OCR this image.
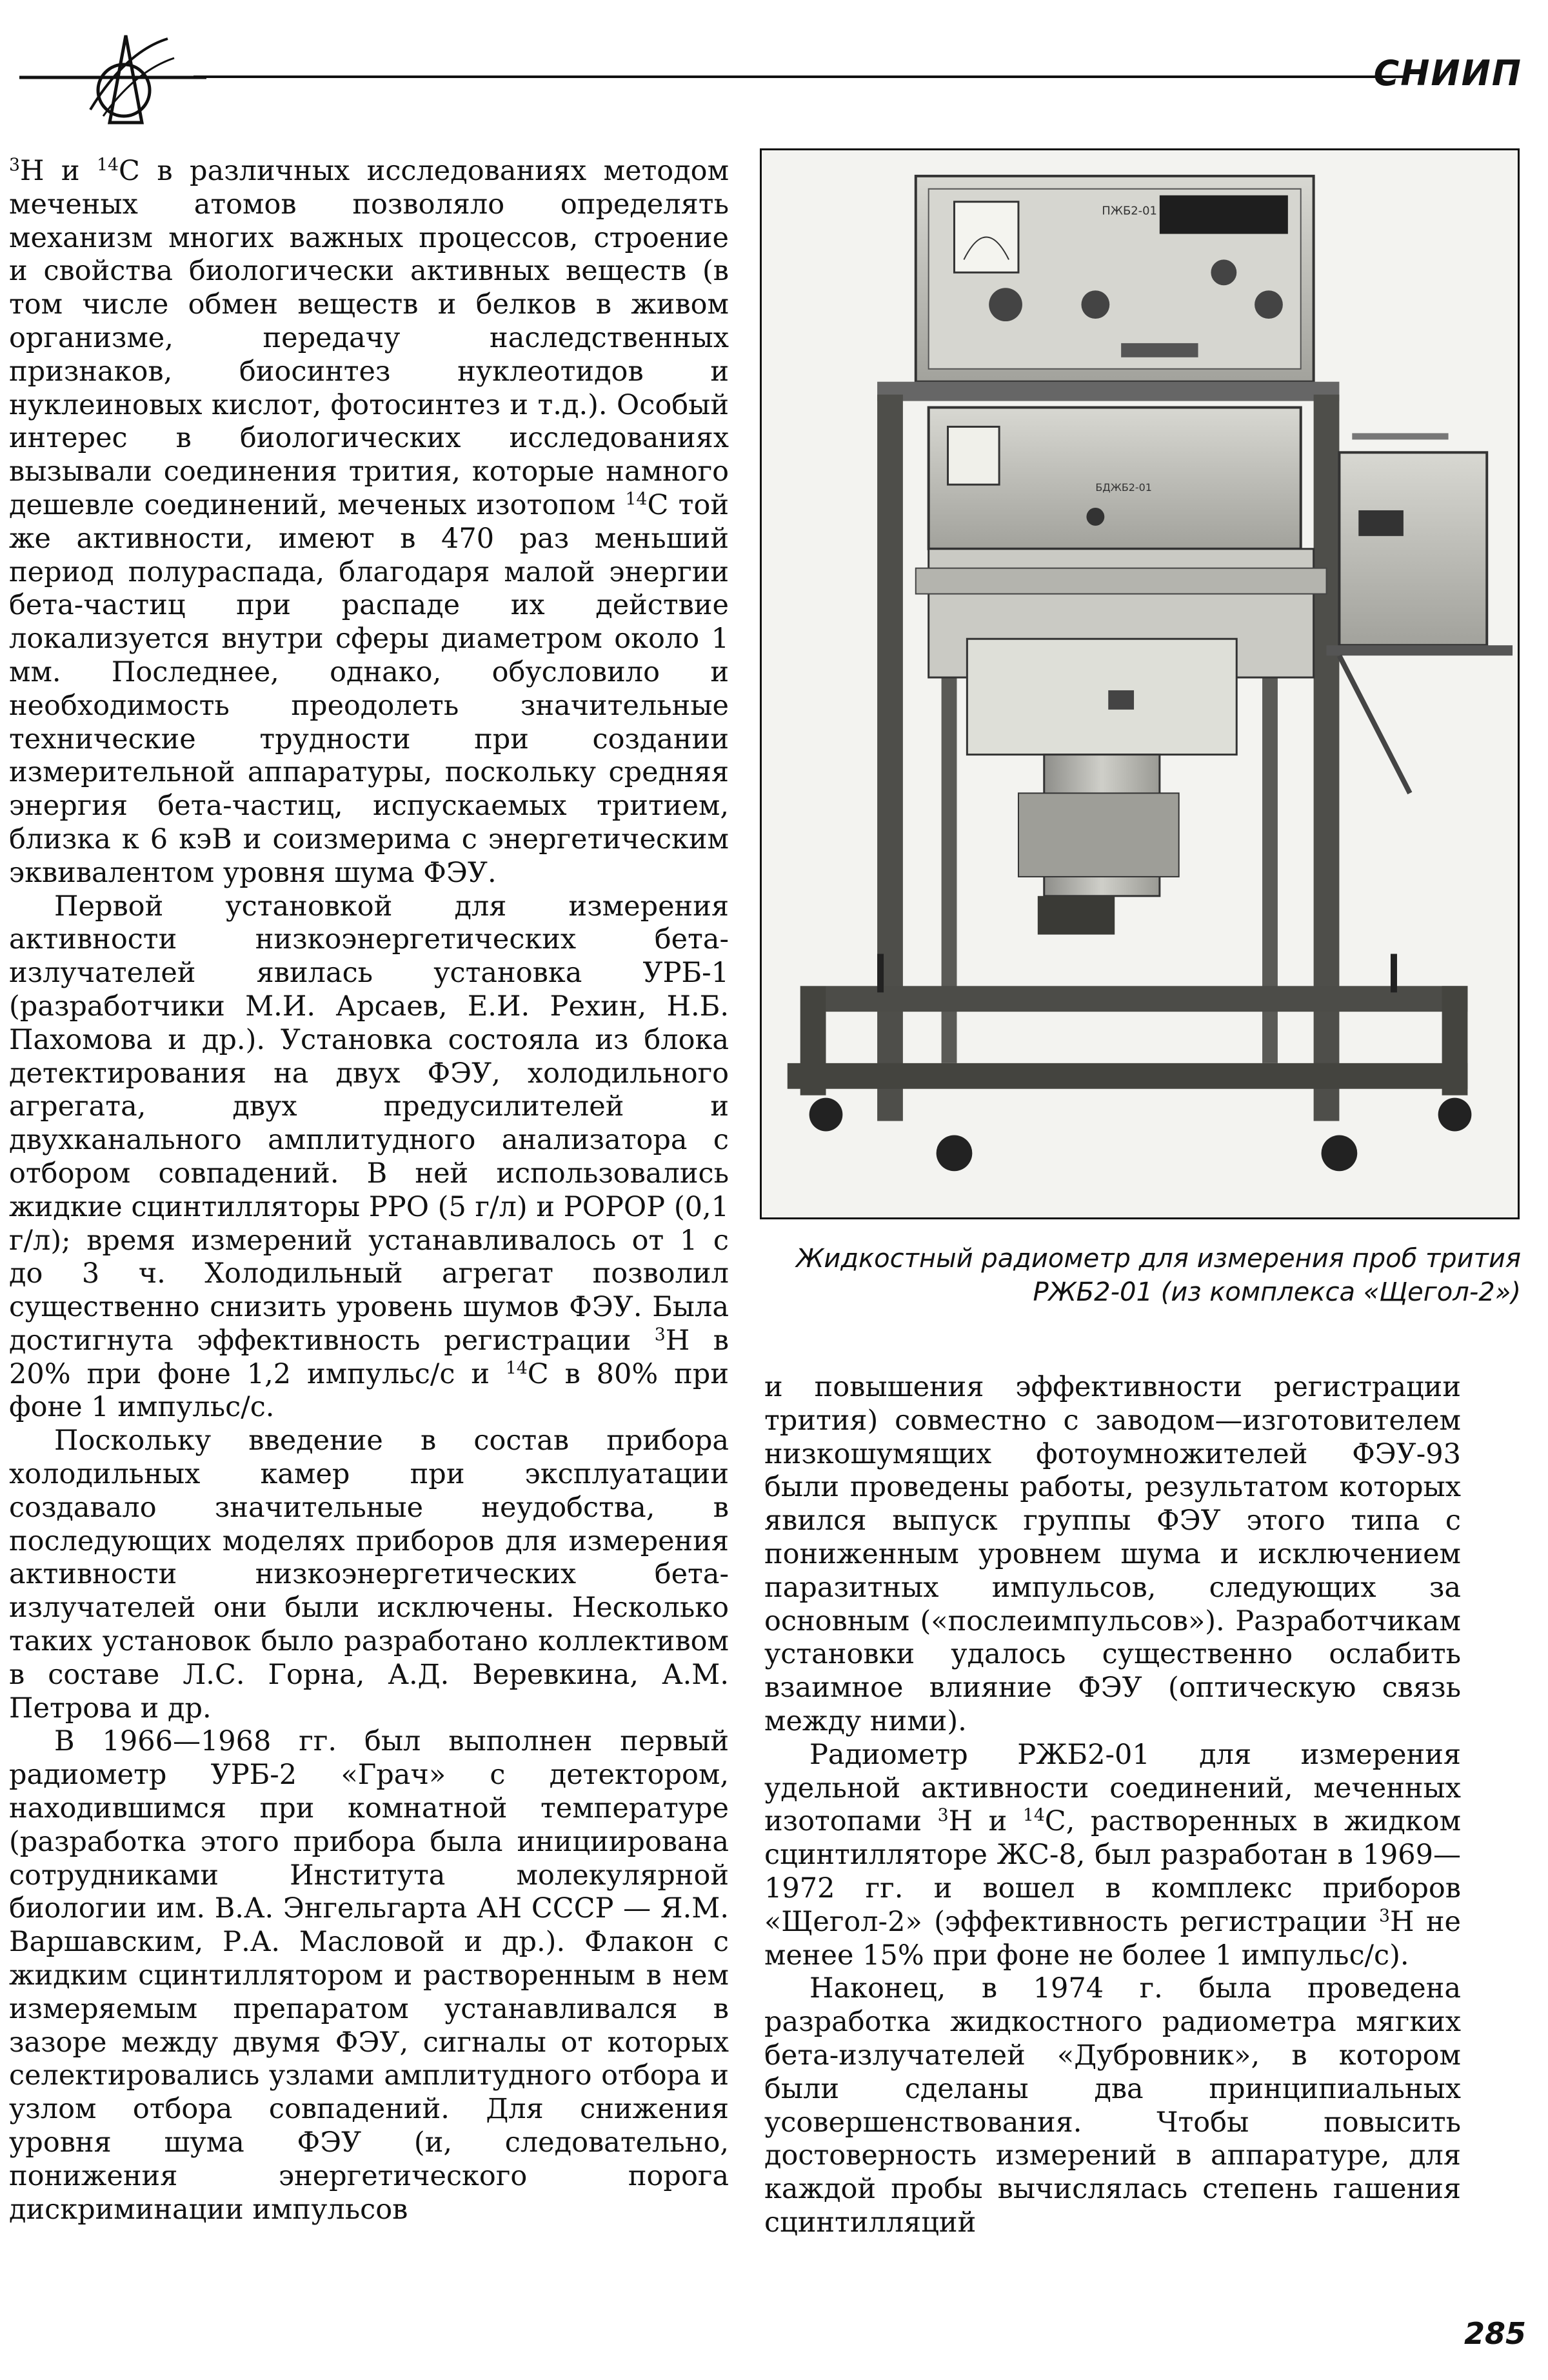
СНИИП

$^3$Н и $^{14}$С в различных исследованиях методом меченых атомов позволяло определять механизм многих важных процессов, строение и свойства биологически активных веществ (в том числе обмен веществ и белков в живом организме, передачу наследственных признаков, биосинтез нуклеотидов и нуклеиновых кислот, фотосинтез и т.д.). Особый интерес в биологических исследованиях вызывали соединения трития, которые намного дешевле соединений, меченых изотопом $^{14}$С той же активности, имеют в 470 раз меньший период полураспада, благодаря малой энергии бета-частиц при распаде их действие локализуется внутри сферы диаметром около 1 мм. Последнее, однако, обусловило и необходимость преодолеть значительные технические трудности при создании измерительной аппаратуры, поскольку средняя энергия бета-частиц, испускаемых тритием, близка к 6 кэВ и соизмерима с энергетическим эквивалентом уровня шума ФЭУ.

Первой установкой для измерения активности низкоэнергетических бета-излучателей явилась установка УРБ-1 (разработчики М.И. Арсаев, Е.И. Рехин, Н.Б. Пахомова и др.). Установка состояла из блока детектирования на двух ФЭУ, холодильного агрегата, двух предусилителей и двухканального амплитудного анализатора с отбором совпадений. В ней использовались жидкие сцинтилляторы РРО (5 г/л) и РОРОР (0,1 г/л); время измерений устанавливалось от 1 с до 3 ч. Холодильный агрегат позволил существенно снизить уровень шумов ФЭУ. Была достигнута эффективность регистрации $^3$Н в 20% при фоне 1,2 импульс/с и $^{14}$С в 80% при фоне 1 импульс/с.

Поскольку введение в состав прибора холодильных камер при эксплуатации создавало значительные неудобства, в последующих моделях приборов для измерения активности низкоэнергетических бета-излучателей они были исключены. Несколько таких установок было разработано коллективом в составе Л.С. Горна, А.Д. Веревкина, А.М. Петрова и др.

В 1966—1968 гг. был выполнен первый радиометр УРБ-2 «Грач» с детектором, находившимся при комнатной температуре (разработка этого прибора была инициирована сотрудниками Института молекулярной биологии им. В.А. Энгельгарта АН СССР — Я.М. Варшавским, Р.А. Масловой и др.). Флакон с жидким сцинтиллятором и растворенным в нем измеряемым препаратом устанавливался в зазоре между двумя ФЭУ, сигналы от которых селектировались узлами амплитудного отбора и узлом отбора совпадений. Для снижения уровня шума ФЭУ (и, следовательно, понижения энергетического порога дискриминации импульсов

ПЖБ2-01
БДЖБ2-01
Жидкостный радиометр для измерения проб трития
РЖБ2-01 (из комплекса «Щегол-2»)

и повышения эффективности регистрации трития) совместно с заводом—изготовителем низкошумящих фотоумножителей ФЭУ-93 были проведены работы, результатом которых явился выпуск группы ФЭУ этого типа с пониженным уровнем шума и исключением паразитных импульсов, следующих за основным («послеимпульсов»). Разработчикам установки удалось существенно ослабить взаимное влияние ФЭУ (оптическую связь между ними).

Радиометр РЖБ2-01 для измерения удельной активности соединений, меченных изотопами $^3$Н и $^{14}$С, растворенных в жидком сцинтилляторе ЖС-8, был разработан в 1969—1972 гг. и вошел в комплекс приборов «Щегол-2» (эффективность регистрации $^3$Н не менее 15% при фоне не более 1 импульс/с).

Наконец, в 1974 г. была проведена разработка жидкостного радиометра мягких бета-излучателей «Дубровник», в котором были сделаны два принципиальных усовершенствования. Чтобы повысить достоверность измерений в аппаратуре, для каждой пробы вычислялась степень гашения сцинтилляций

285
